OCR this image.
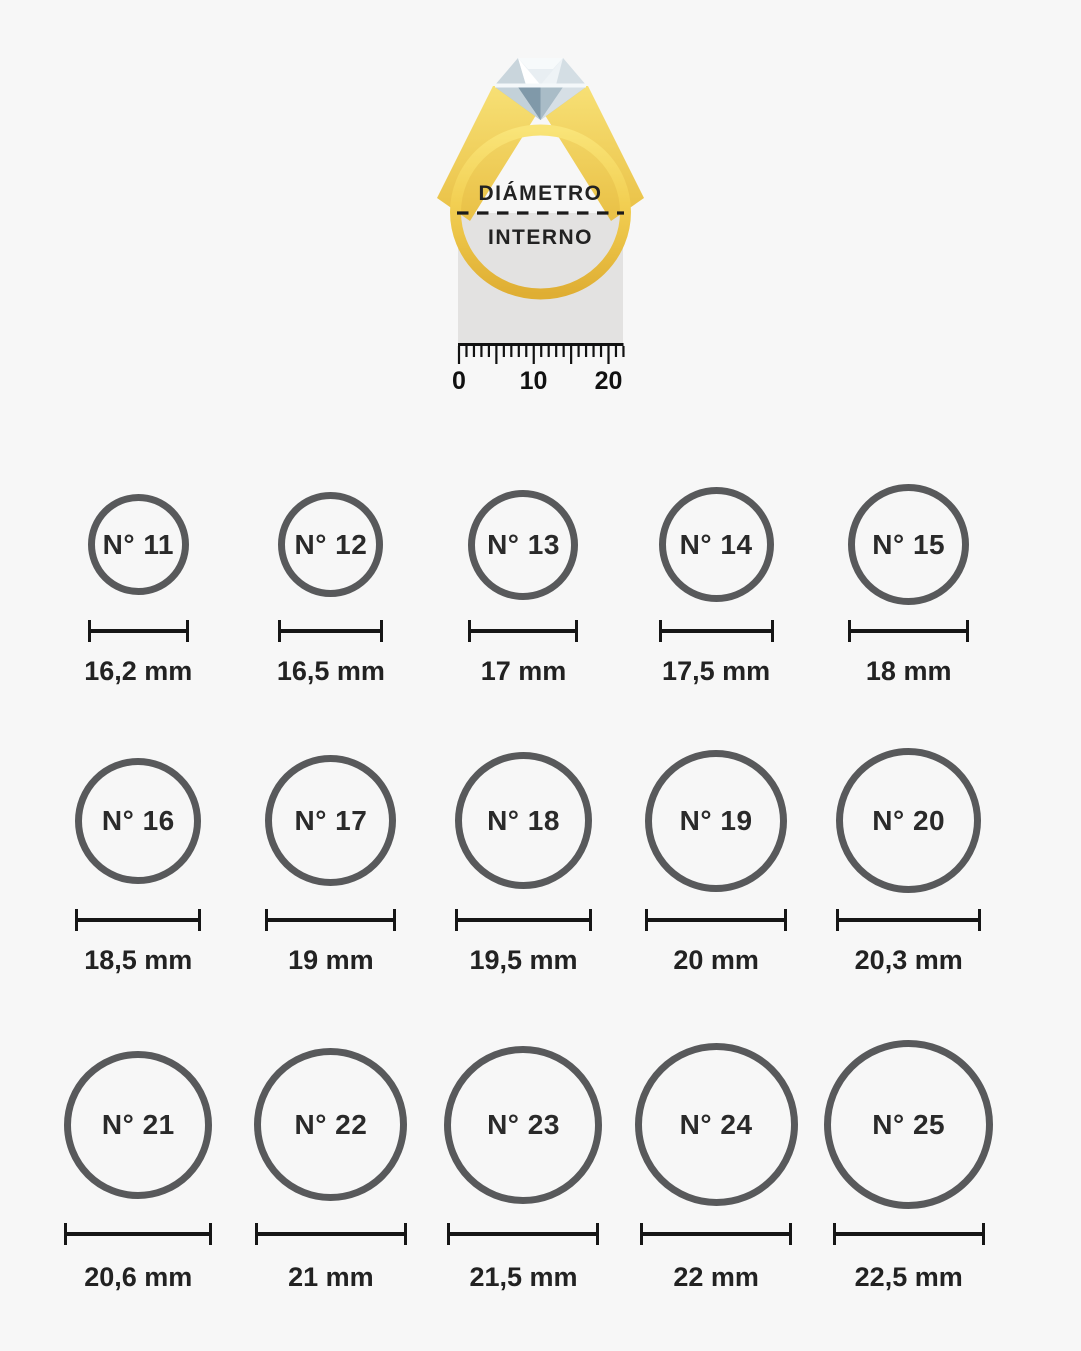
DIÁMETRO
INTERNO
0 10 20
N° 11
16,2 mm
N° 12
16,5 mm
N° 13
17 mm
N° 14
17,5 mm
N° 15
18 mm
N° 16
18,5 mm
N° 17
19 mm
N° 18
19,5 mm
N° 19
20 mm
N° 20
20,3 mm
N° 21
20,6 mm
N° 22
21 mm
N° 23
21,5 mm
N° 24
22 mm
N° 25
22,5 mm
